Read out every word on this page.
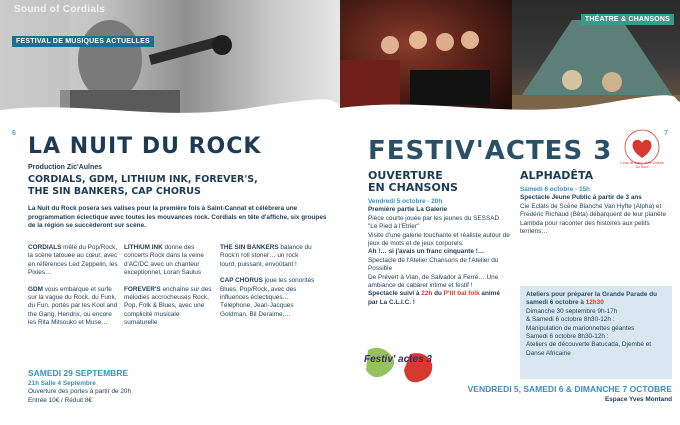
Sound of Cordials
FESTIVAL DE MUSIQUES ACTUELLES
6
LA NUIT DU ROCK
Production Zic'Aulnes
CORDIALS, GDM, LITHIUM INK, FOREVER'S,
THE SIN BANKERS, CAP CHORUS
La Nuit du Rock posera ses valises pour la première fois à Saint-Cannat et célèbrera une programmation éclectique avec toutes les mouvances rock. Cordials en tête d'affiche, six groupes de la région se succèderont sur scène.

CORDIALS mêle du Pop/Rock, la scène tatouée au cœur, avec en références Led Zeppelin, les Pixies…

GDM vous embarque et surfe sur la vague du Rock, du Funk, du Fun, portés par les Kool and the Gang, Hendrix, ou encore les Rita Mitsouko et Muse…

LITHIUM INK donne des concerts Rock dans la veine d'AC/DC avec un chanteur exceptionnel, Loran Saulus

FOREVER'S enchaîne sur des mélodies accrocheuses Rock, Pop, Folk & Blues, avec une complicité musicale surnaturelle

THE SIN BANKERS balance du Rock'n roll stoner… un rock lourd, puissant, envoûtant !

CAP CHORUS joue les sonorités Blues, Pop/Rock, avec des influences éclectiques… Téléphone, Jean-Jacques Goldman, Bil Deraime,…

SAMEDI 29 SEPTEMBRE
21h Salle 4 Septembre
Ouverture des portes à partir de 20h
Entrée 10€ / Réduit 8€
THÉATRE & CHANSONS
7
FESTIV'ACTES 3 Coup de cœur Vivre Culture Au Nord
OUVERTURE
EN CHANSONS
Vendredi 5 octobre - 20h
Première partie La Galerie
Pièce courte jouée par les jeunes du SESSAD "Le Pied à l'Etrier"
Visite d'une galerie touchante et réaliste autour de jeux de mots et de jeux corporels.
Ah !… si j'avais un franc cinquante !…
Spectacle de l'Atelier Chansons de l'Atelier du Possible
De Prévert à Vian, de Salvador à Ferré… Une ambiance de cabaret intime et festif !
Spectacle suivi à 22h du P'tit bal folk animé par La C.L.I.C. !
ALPHADÊTA
Samedi 6 octobre - 15h
Spectacle Jeune Public à partir de 3 ans
Cie Eclats de Scène Blanche Van Hyfte (Alpha) et Frédéric Richaud (Bêta) débarquent de leur planète Lambda pour raconter des histoires aux petits terriens…
Ateliers pour préparer la Grande Parade du samedi 6 octobre à 12h30
Dimanche 30 septembre 9h-17h
& Samedi 6 octobre 8h30-12h :
Manipulation de marionnettes géantes
Samedi 6 octobre 8h30-12h :
Ateliers de découverte Batucada, Djembé et Danse Africaine
Festiv' actes 3
VENDREDI 5, SAMEDI 6 & DIMANCHE 7 OCTOBRE
Espace Yves Montand
